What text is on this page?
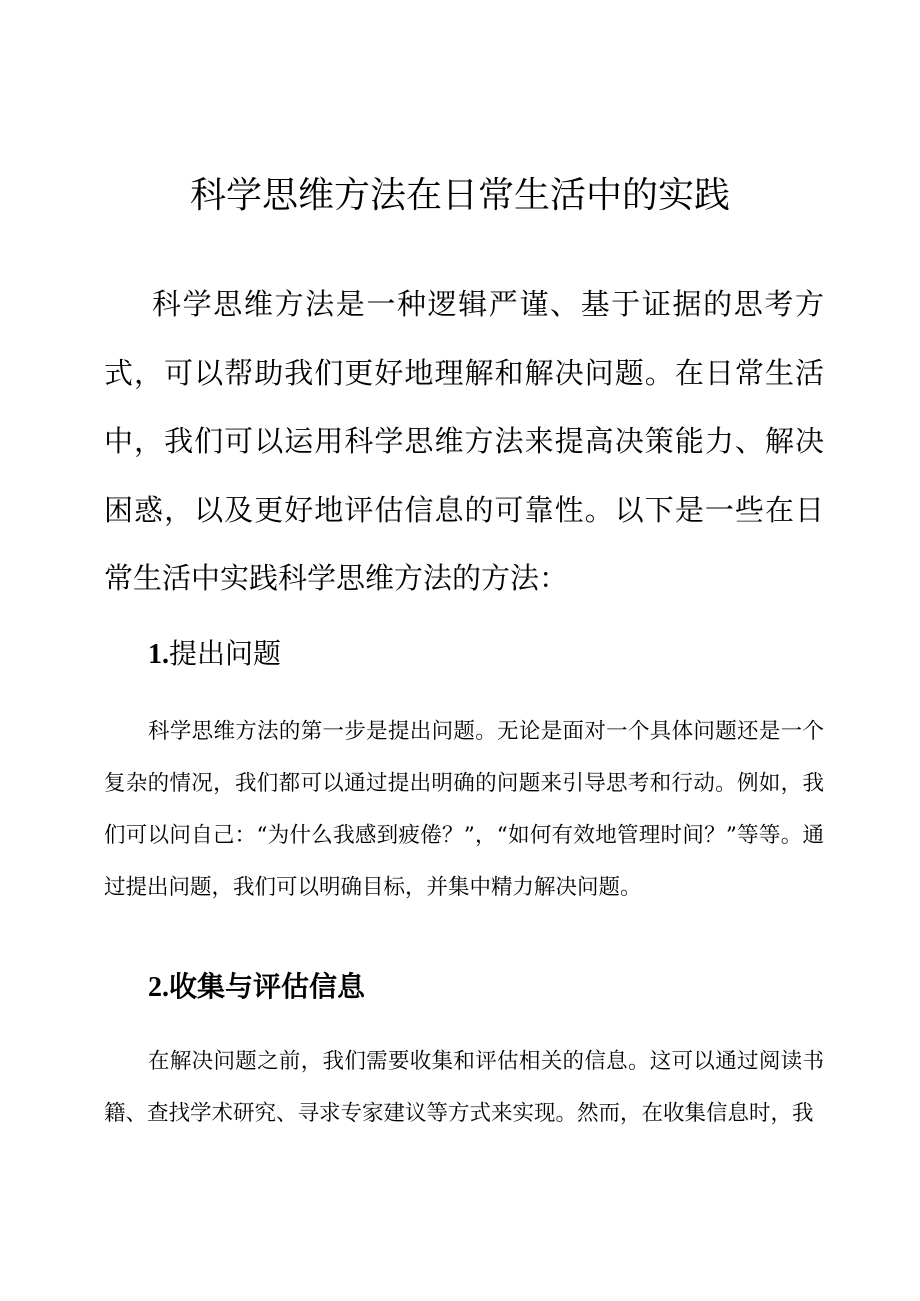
科学思维方法在日常生活中的实践

科学思维方法是一种逻辑严谨、基于证据的思考方式，可以帮助我们更好地理解和解决问题。在日常生活中，我们可以运用科学思维方法来提高决策能力、解决困惑，以及更好地评估信息的可靠性。以下是一些在日常生活中实践科学思维方法的方法：

1.提出问题

科学思维方法的第一步是提出问题。无论是面对一个具体问题还是一个复杂的情况，我们都可以通过提出明确的问题来引导思考和行动。例如，我们可以问自己：“为什么我感到疲倦？”，“如何有效地管理时间？”等等。通过提出问题，我们可以明确目标，并集中精力解决问题。

2.收集与评估信息

在解决问题之前，我们需要收集和评估相关的信息。这可以通过阅读书籍、查找学术研究、寻求专家建议等方式来实现。然而，在收集信息时，我
